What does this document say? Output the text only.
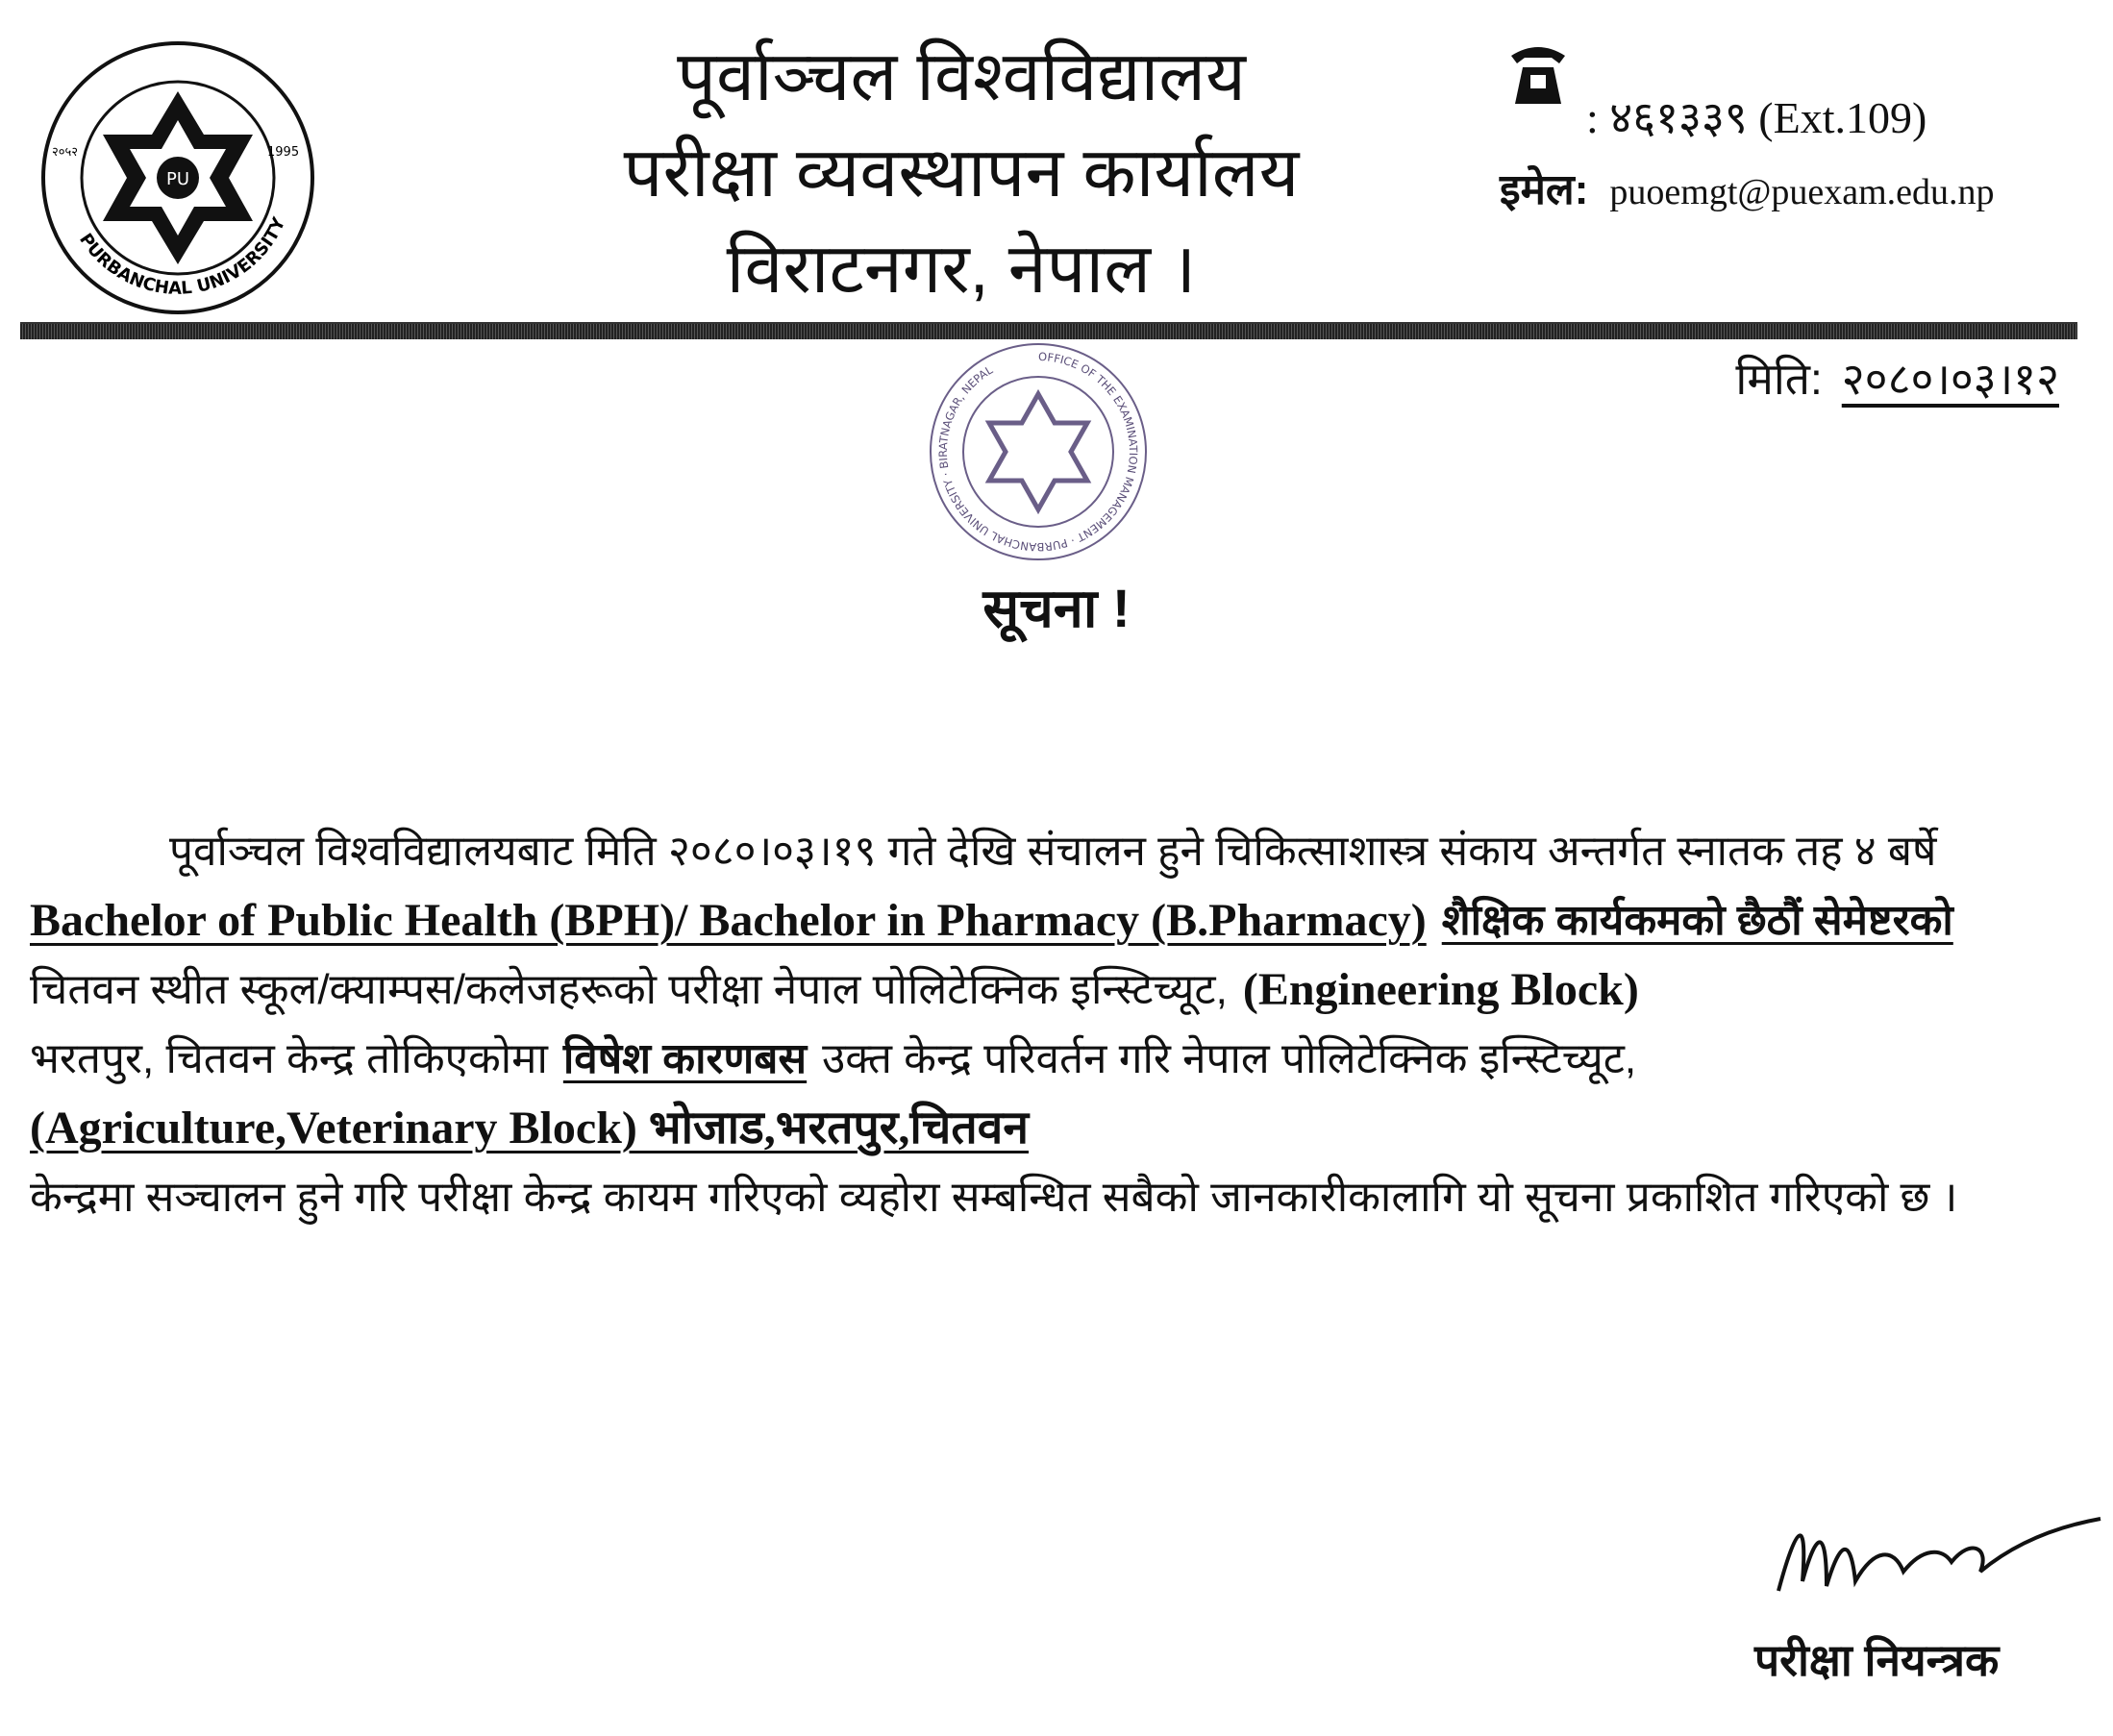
PU
२०५२	1995
PURBANCHAL UNIVERSITY
पूर्वाञ्चल विश्वविद्यालय
परीक्षा व्यवस्थापन कार्यालय
विराटनगर, नेपाल ।
: ४६१३३९ (Ext.109)
इमेल: puoemgt@puexam.edu.np
मिति: २०८०।०३।१२
OFFICE OF THE EXAMINATION MANAGEMENT · PURBANCHAL UNIVERSITY · BIRATNAGAR, NEPAL
सूचना !
पूर्वाञ्चल विश्वविद्यालयबाट मिति २०८०।०३।१९ गते देखि संचालन हुने चिकित्साशास्त्र संकाय अन्तर्गत स्नातक तह ४ बर्षेBachelor of Public Health (BPH)/ Bachelor in Pharmacy (B.Pharmacy) शैक्षिक कार्यकमको छैठौं सेमेष्टरकोचितवन स्थीत स्कूल/क्याम्पस/कलेजहरूको परीक्षा नेपाल पोलिटेक्निक इन्स्टिच्यूट, (Engineering Block)भरतपुर, चितवन केन्द्र तोकिएकोमा विषेश कारणबस उक्त केन्द्र परिवर्तन गरि नेपाल पोलिटेक्निक इन्स्टिच्यूट,(Agriculture,Veterinary Block) भोजाड,भरतपुर,चितवनकेन्द्रमा सञ्चालन हुने गरि परीक्षा केन्द्र कायम गरिएको व्यहोरा सम्बन्धित सबैको जानकारीकालागि यो सूचना प्रकाशित गरिएको छ ।
परीक्षा नियन्त्रक
